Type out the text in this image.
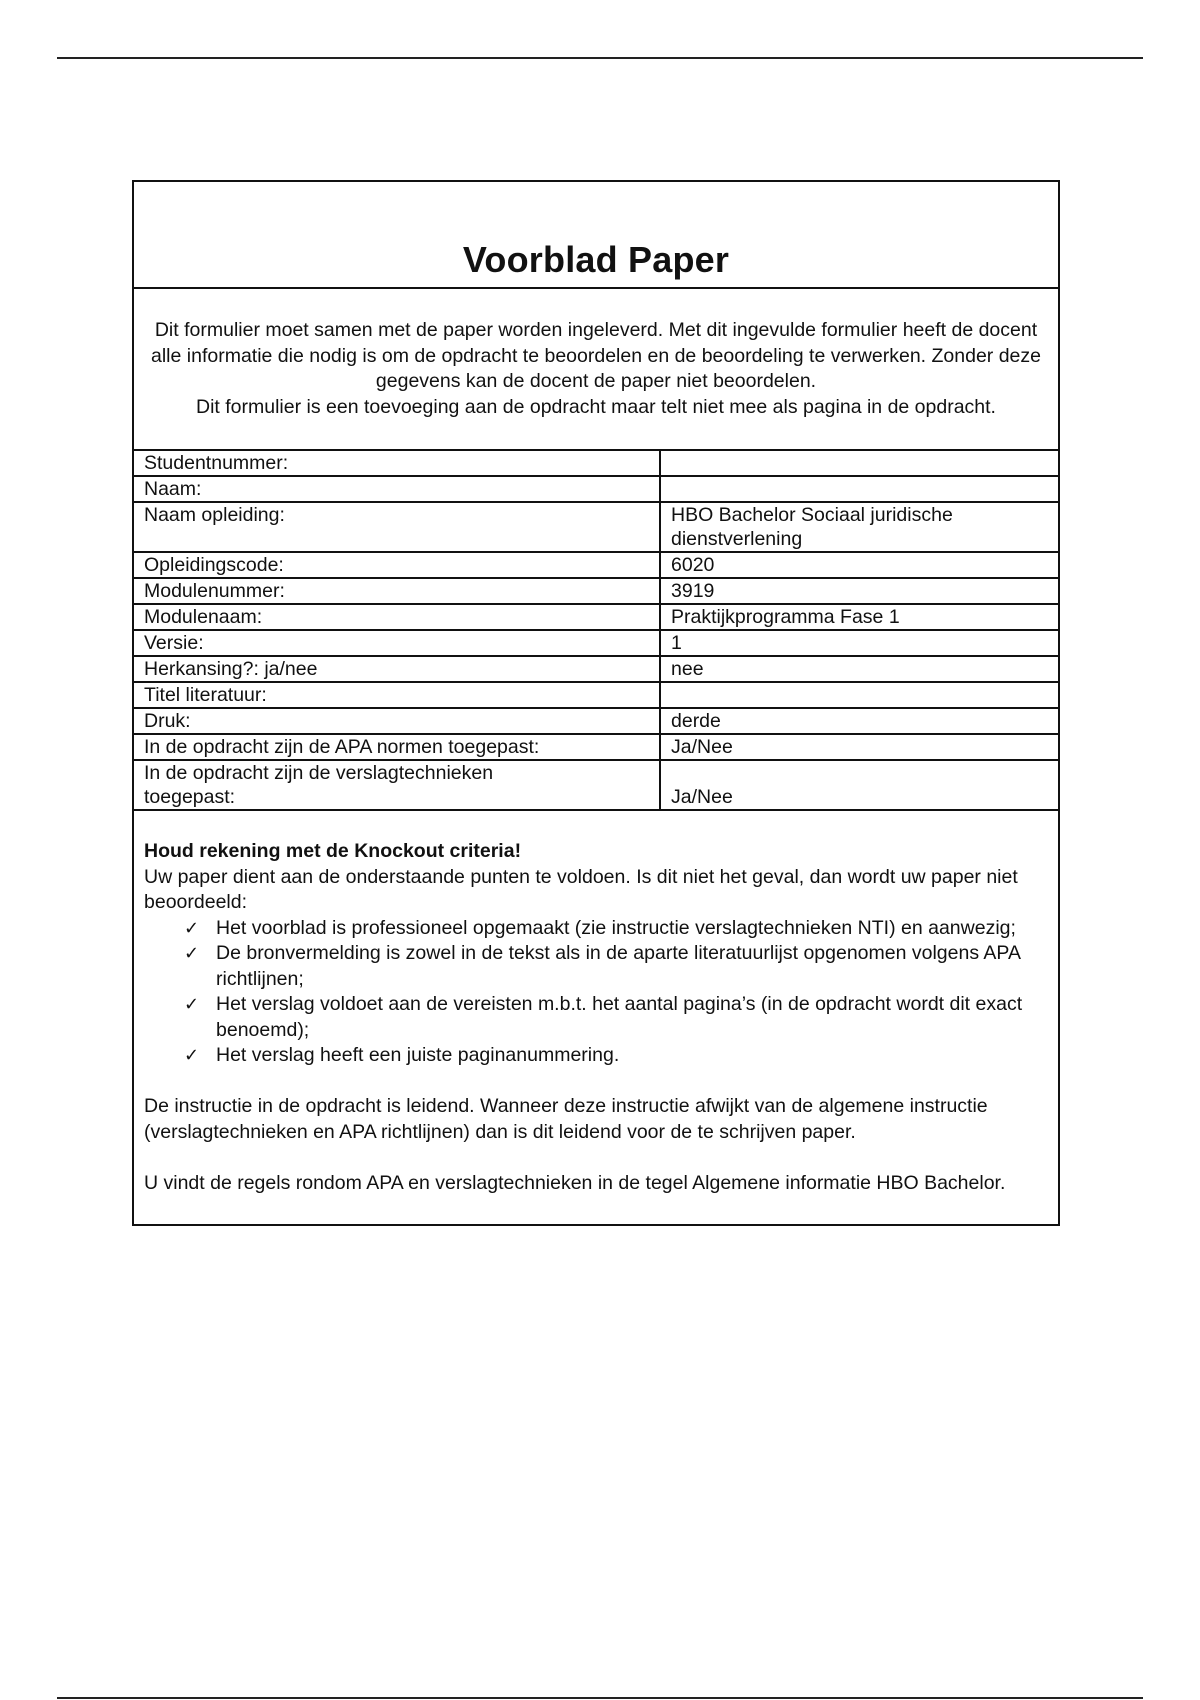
Voorblad Paper

Dit formulier moet samen met de paper worden ingeleverd. Met dit ingevulde formulier heeft de docent alle informatie die nodig is om de opdracht te beoordelen en de beoordeling te verwerken. Zonder deze gegevens kan de docent de paper niet beoordelen.

Dit formulier is een toevoeging aan de opdracht maar telt niet mee als pagina in de opdracht.

Studentnummer:	
Naam:	
Naam opleiding:	HBO Bachelor Sociaal juridische dienstverlening
Opleidingscode:	6020
Modulenummer:	3919
Modulenaam:	Praktijkprogramma Fase 1
Versie:	1
Herkansing?: ja/nee	nee
Titel literatuur:	
Druk:	derde
In de opdracht zijn de APA normen toegepast:	Ja/Nee
In de opdracht zijn de verslagtechnieken toegepast:	Ja/Nee

Houd rekening met de Knockout criteria!

Uw paper dient aan de onderstaande punten te voldoen. Is dit niet het geval, dan wordt uw paper niet beoordeeld:

✓ Het voorblad is professioneel opgemaakt (zie instructie verslagtechnieken NTI) en aanwezig;
✓ De bronvermelding is zowel in de tekst als in de aparte literatuurlijst opgenomen volgens APA richtlijnen;
✓ Het verslag voldoet aan de vereisten m.b.t. het aantal pagina’s (in de opdracht wordt dit exact benoemd);
✓ Het verslag heeft een juiste paginanummering.

De instructie in de opdracht is leidend. Wanneer deze instructie afwijkt van de algemene instructie (verslagtechnieken en APA richtlijnen) dan is dit leidend voor de te schrijven paper.

U vindt de regels rondom APA en verslagtechnieken in de tegel Algemene informatie HBO Bachelor.
